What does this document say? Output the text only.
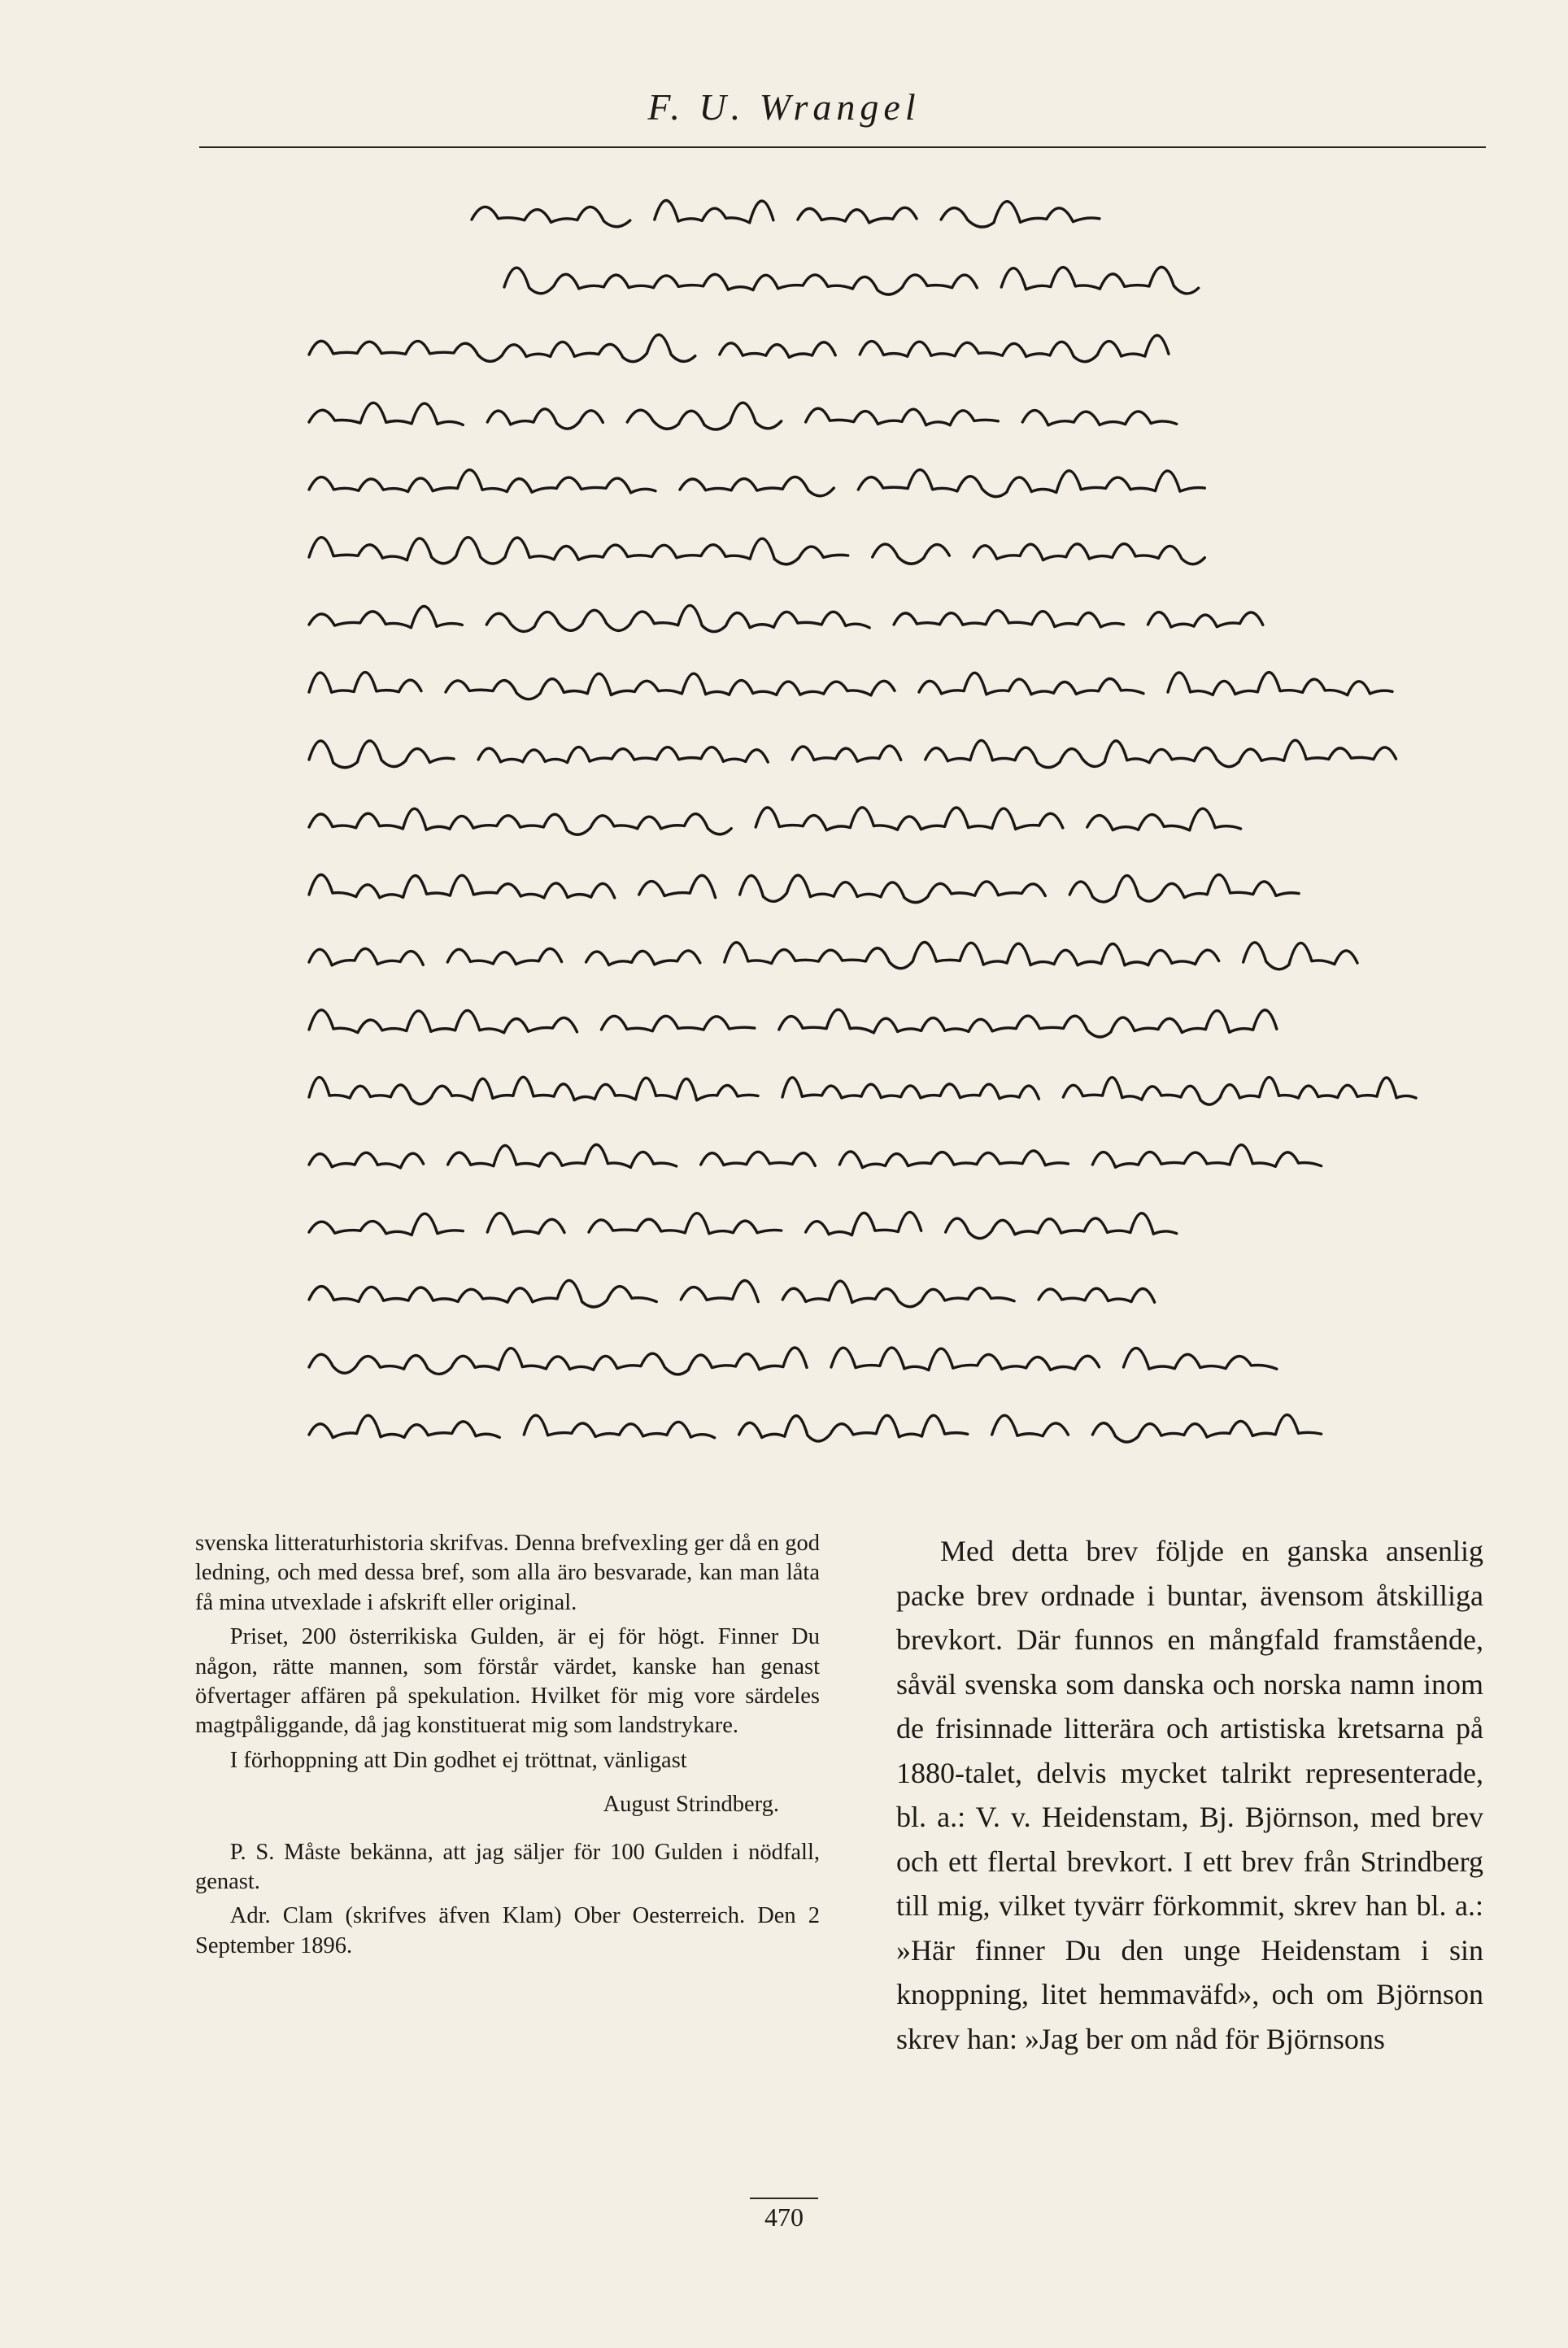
F. U. Wrangel

svenska litteraturhistoria skrifvas. Denna brefvexling ger då en god ledning, och med dessa bref, som alla äro besvarade, kan man låta få mina utvexlade i afskrift eller original.

Priset, 200 österrikiska Gulden, är ej för högt. Finner Du någon, rätte mannen, som förstår värdet, kanske han genast öfvertager affären på spekulation. Hvilket för mig vore särdeles magtpåliggande, då jag konstituerat mig som landstrykare.

I förhoppning att Din godhet ej tröttnat, vänligast

August Strindberg.

P. S. Måste bekänna, att jag säljer för 100 Gulden i nödfall, genast.

Adr. Clam (skrifves äfven Klam) Ober Oesterreich. Den 2 September 1896.

Med detta brev följde en ganska ansenlig packe brev ordnade i buntar, ävensom åtskilliga brevkort. Där funnos en mångfald framstående, såväl svenska som danska och norska namn inom de frisinnade litterära och artistiska kretsarna på 1880-talet, delvis mycket talrikt representerade, bl. a.: V. v. Heidenstam, Bj. Björnson, med brev och ett flertal brevkort. I ett brev från Strindberg till mig, vilket tyvärr förkommit, skrev han bl. a.: »Här finner Du den unge Heidenstam i sin knoppning, litet hemmaväfd», och om Björnson skrev han: »Jag ber om nåd för Björnsons

470
